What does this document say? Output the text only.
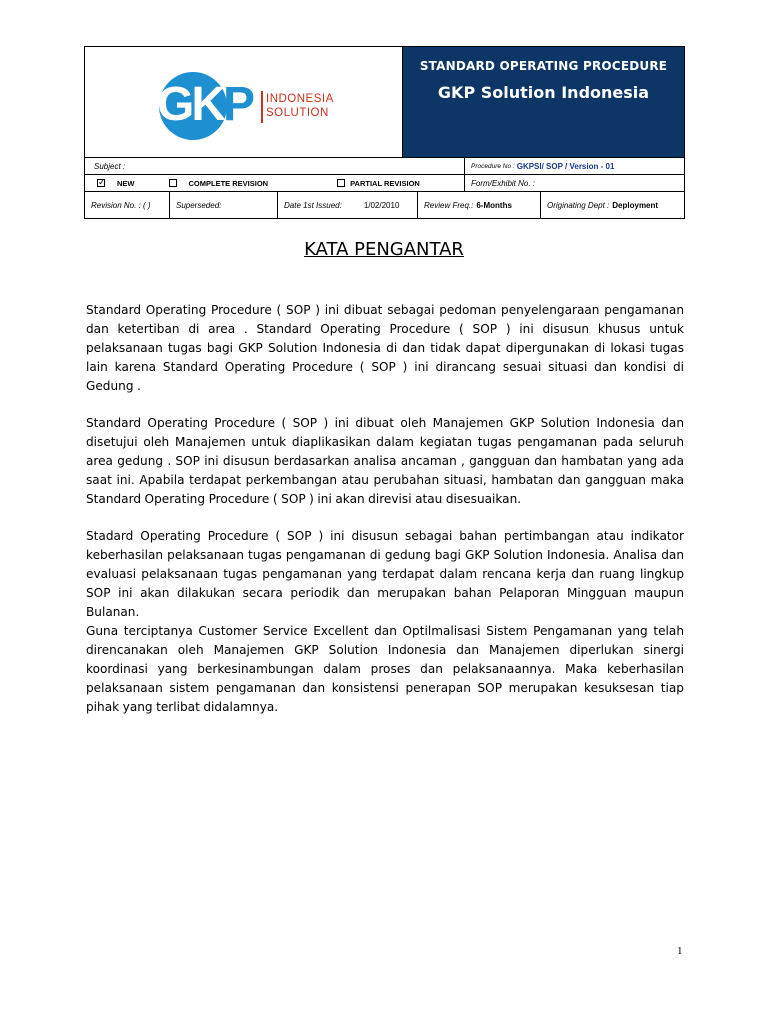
GKP INDONESIA
SOLUTION
STANDARD OPERATING PROCEDURE
GKP Solution Indonesia
Subject :	Procedure No : GKPSI/ SOP / Version - 01
✓ NEW	COMPLETE REVISION	PARTIAL REVISION	Form/Exhibit No. :
Revision No. : ( )	Superseded:	Date 1st Issued:	1/02/2010	Review Freq.: 6-Months	Originating Dept : Deployment
KATA PENGANTAR

Standard Operating Procedure ( SOP ) ini dibuat sebagai pedoman penyelengaraan pengamanan dan ketertiban di area . Standard Operating Procedure ( SOP ) ini disusun khusus untuk pelaksanaan tugas bagi GKP Solution Indonesia di dan tidak dapat dipergunakan di lokasi tugas lain karena Standard Operating Procedure ( SOP ) ini dirancang sesuai situasi dan kondisi di Gedung .

Standard Operating Procedure ( SOP ) ini dibuat oleh Manajemen GKP Solution Indonesia dan disetujui oleh Manajemen untuk diaplikasikan dalam kegiatan tugas pengamanan pada seluruh area gedung . SOP ini disusun berdasarkan analisa ancaman , gangguan dan hambatan yang ada saat ini. Apabila terdapat perkembangan atau perubahan situasi, hambatan dan gangguan maka Standard Operating Procedure ( SOP ) ini akan direvisi atau disesuaikan.

Stadard Operating Procedure ( SOP ) ini disusun sebagai bahan pertimbangan atau indikator keberhasilan pelaksanaan tugas pengamanan di gedung bagi GKP Solution Indonesia. Analisa dan evaluasi pelaksanaan tugas pengamanan yang terdapat dalam rencana kerja dan ruang lingkup SOP ini akan dilakukan secara periodik dan merupakan bahan Pelaporan Mingguan maupun Bulanan.

Guna terciptanya Customer Service Excellent dan Optilmalisasi Sistem Pengamanan yang telah direncanakan oleh Manajemen GKP Solution Indonesia dan Manajemen diperlukan sinergi koordinasi yang berkesinambungan dalam proses dan pelaksanaannya. Maka keberhasilan pelaksanaan sistem pengamanan dan konsistensi penerapan SOP merupakan kesuksesan tiap pihak yang terlibat didalamnya.

1
